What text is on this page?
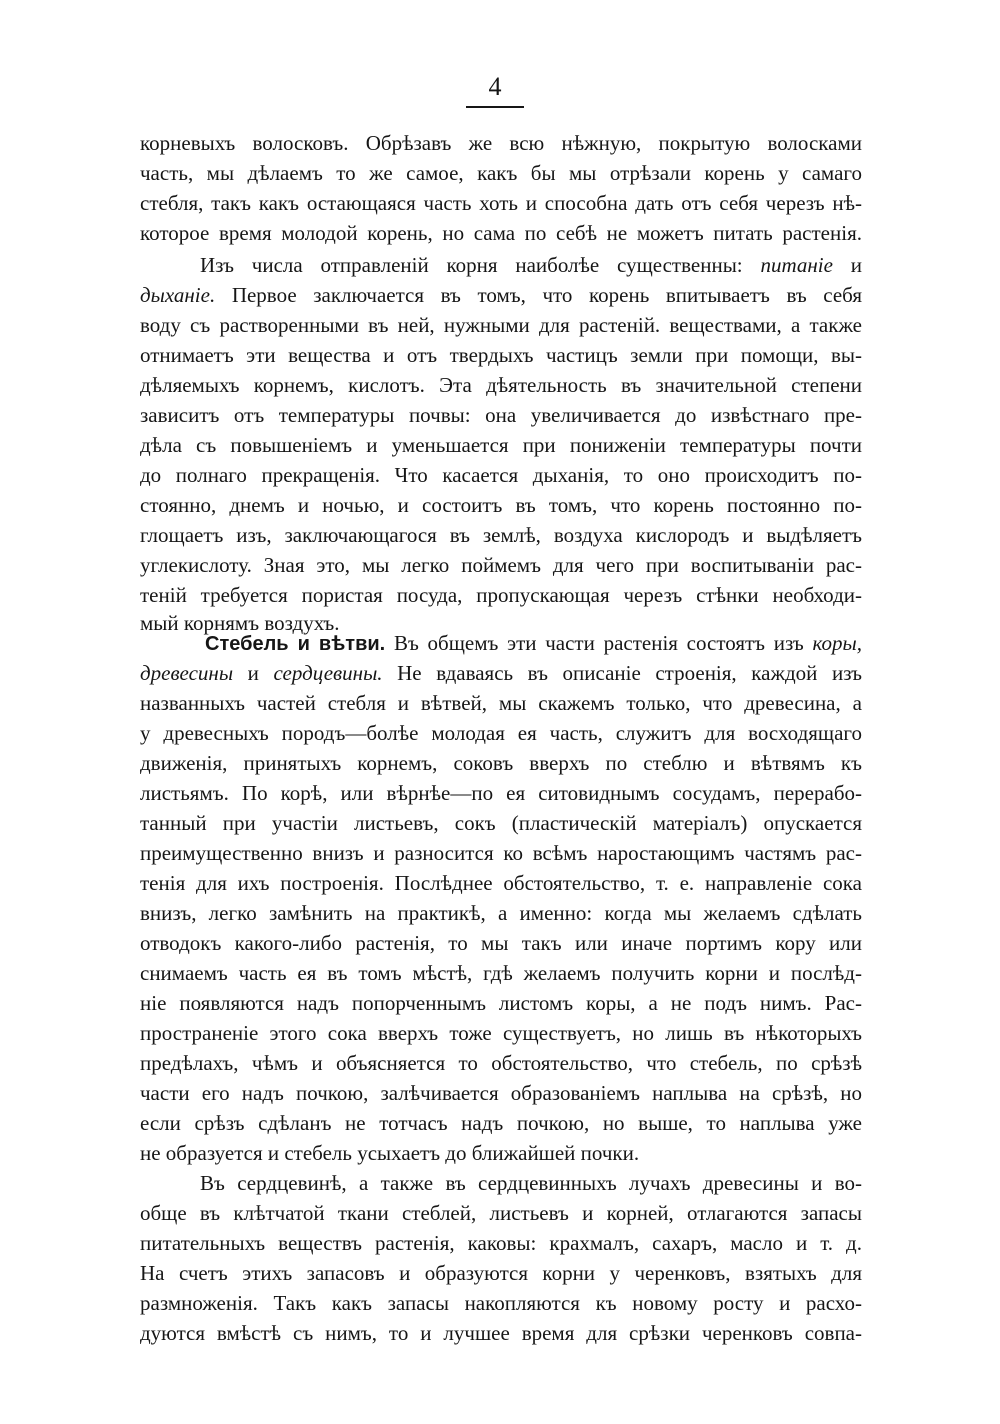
4
корневыхъ волосковъ. Обрѣзавъ же всю нѣжную, покрытую волосками
часть, мы дѣлаемъ то же самое, какъ бы мы отрѣзали корень у самаго
стебля, такъ какъ остающаяся часть хоть и способна дать отъ себя черезъ нѣ-
которое время молодой корень, но сама по себѣ не можетъ питать растенія.
Изъ числа отправленій корня наиболѣе существенны: питаніе и
дыханіе. Первое заключается въ томъ, что корень впитываетъ въ себя
воду съ растворенными въ ней, нужными для растеній. веществами, а также
отнимаетъ эти вещества и отъ твердыхъ частицъ земли при помощи, вы-
дѣляемыхъ корнемъ, кислотъ. Эта дѣятельность въ значительной степени
зависитъ отъ температуры почвы: она увеличивается до извѣстнаго пре-
дѣла съ повышеніемъ и уменьшается при пониженіи температуры почти
до полнаго прекращенія. Что касается дыханія, то оно происходитъ по-
стоянно, днемъ и ночью, и состоитъ въ томъ, что корень постоянно по-
глощаетъ изъ, заключающагося въ землѣ, воздуха кислородъ и выдѣляетъ
углекислоту. Зная это, мы легко поймемъ для чего при воспитываніи рас-
теній требуется пористая посуда, пропускающая черезъ стѣнки необходи-
мый корнямъ воздухъ.
Стебель и вѣтви. Въ общемъ эти части растенія состоятъ изъ коры,
древесины и сердцевины. Не вдаваясь въ описаніе строенія, каждой изъ
названныхъ частей стебля и вѣтвей, мы скажемъ только, что древесина, а
у древесныхъ породъ—болѣе молодая ея часть, служитъ для восходящаго
движенія, принятыхъ корнемъ, соковъ вверхъ по стеблю и вѣтвямъ къ
листьямъ. По корѣ, или вѣрнѣе—по ея ситовиднымъ сосудамъ, перерабо-
танный при участіи листьевъ, сокъ (пластическій матеріалъ) опускается
преимущественно внизъ и разносится ко всѣмъ наростающимъ частямъ рас-
тенія для ихъ построенія. Послѣднее обстоятельство, т. е. направленіе сока
внизъ, легко замѣнить на практикѣ, а именно: когда мы желаемъ сдѣлать
отводокъ какого-либо растенія, то мы такъ или иначе портимъ кору или
снимаемъ часть ея въ томъ мѣстѣ, гдѣ желаемъ получить корни и послѣд-
ніе появляются надъ попорченнымъ листомъ коры, а не подъ нимъ. Рас-
пространеніе этого сока вверхъ тоже существуетъ, но лишь въ нѣкоторыхъ
предѣлахъ, чѣмъ и объясняется то обстоятельство, что стебель, по срѣзѣ
части его надъ почкою, залѣчивается образованіемъ наплыва на срѣзѣ, но
если срѣзъ сдѣланъ не тотчасъ надъ почкою, но выше, то наплыва уже
не образуется и стебель усыхаетъ до ближайшей почки.
Въ сердцевинѣ, а также въ сердцевинныхъ лучахъ древесины и во-
обще въ клѣтчатой ткани стеблей, листьевъ и корней, отлагаются запасы
питательныхъ веществъ растенія, каковы: крахмалъ, сахаръ, масло и т. д.
На счетъ этихъ запасовъ и образуются корни у черенковъ, взятыхъ для
размноженія. Такъ какъ запасы накопляются къ новому росту и расхо-
дуются вмѣстѣ съ нимъ, то и лучшее время для срѣзки черенковъ совпа-
